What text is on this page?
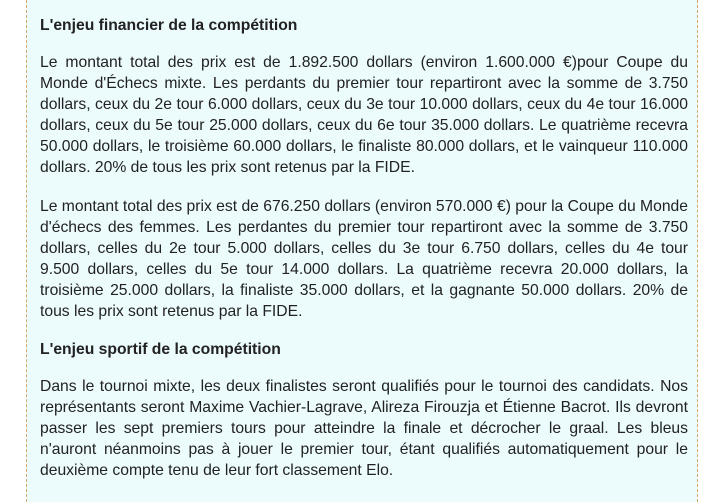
L'enjeu financier de la compétition

Le montant total des prix est de 1.892.500 dollars (environ 1.600.000 €)pour Coupe du Monde d'Échecs mixte. Les perdants du premier tour repartiront avec la somme de 3.750 dollars, ceux du 2e tour 6.000 dollars, ceux du 3e tour 10.000 dollars, ceux du 4e tour 16.000 dollars, ceux du 5e tour 25.000 dollars, ceux du 6e tour 35.000 dollars. Le quatrième recevra 50.000 dollars, le troisième 60.000 dollars, le finaliste 80.000 dollars, et le vainqueur 110.000 dollars. 20% de tous les prix sont retenus par la FIDE.

Le montant total des prix est de 676.250 dollars (environ 570.000 €) pour la Coupe du Monde d'échecs des femmes. Les perdantes du premier tour repartiront avec la somme de 3.750 dollars, celles du 2e tour 5.000 dollars, celles du 3e tour 6.750 dollars, celles du 4e tour 9.500 dollars, celles du 5e tour 14.000 dollars. La quatrième recevra 20.000 dollars, la troisième 25.000 dollars, la finaliste 35.000 dollars, et la gagnante 50.000 dollars. 20% de tous les prix sont retenus par la FIDE.

L'enjeu sportif de la compétition

Dans le tournoi mixte, les deux finalistes seront qualifiés pour le tournoi des candidats. Nos représentants seront Maxime Vachier-Lagrave, Alireza Firouzja et Étienne Bacrot. Ils devront passer les sept premiers tours pour atteindre la finale et décrocher le graal. Les bleus n'auront néanmoins pas à jouer le premier tour, étant qualifiés automatiquement pour le deuxième compte tenu de leur fort classement Elo.
